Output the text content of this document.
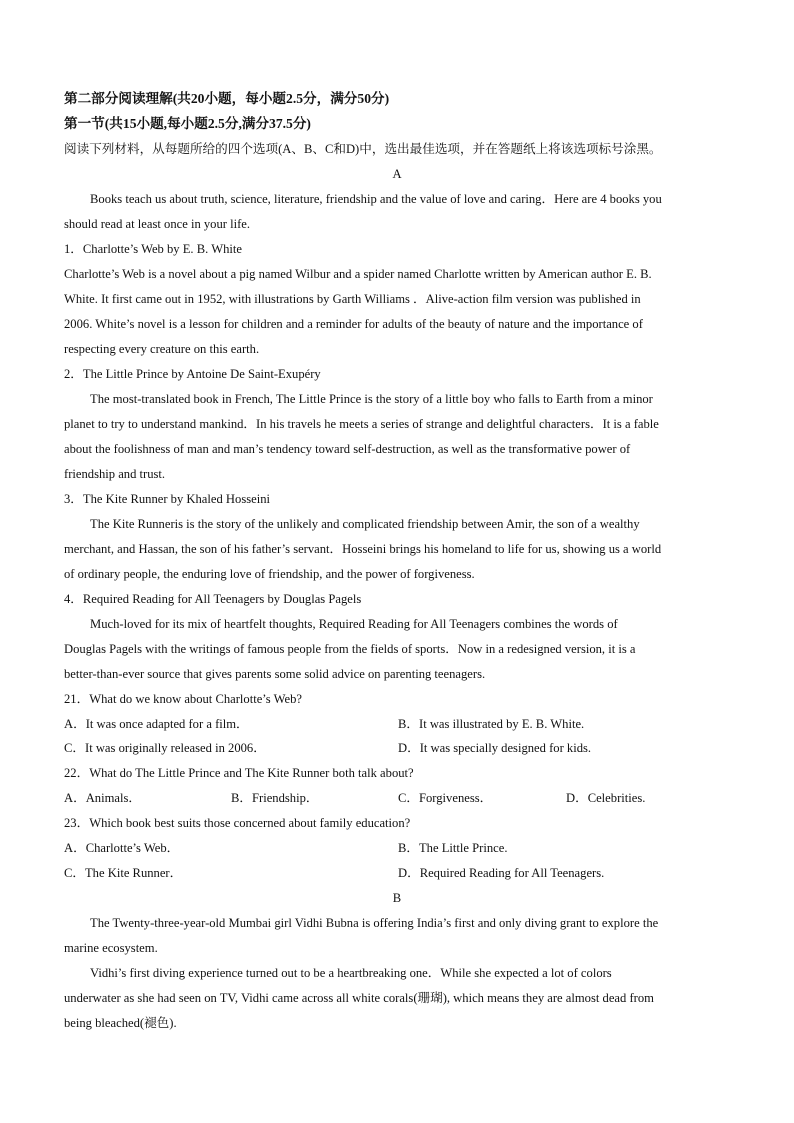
第二部分阅读理解(共20小题，每小题2.5分，满分50分)
第一节(共15小题,每小题2.5分,满分37.5分)
阅读下列材料，从每题所给的四个选项(A、B、C和D)中，选出最佳选项，并在答题纸上将该选项标号涂黑。
A
Books teach us about truth, science, literature, friendship and the value of love and caring．Here are 4 books you
should read at least once in your life.
1．Charlotte’s Web by E. B. White
Charlotte’s Web is a novel about a pig named Wilbur and a spider named Charlotte written by American author E. B.
White. It first came out in 1952, with illustrations by Garth Williams ．Alive-action film version was published in
2006. White’s novel is a lesson for children and a reminder for adults of the beauty of nature and the importance of
respecting every creature on this earth.
2．The Little Prince by Antoine De Saint-Exupéry
The most-translated book in French, The Little Prince is the story of a little boy who falls to Earth from a minor
planet to try to understand mankind．In his travels he meets a series of strange and delightful characters．It is a fable
about the foolishness of man and man’s tendency toward self-destruction, as well as the transformative power of
friendship and trust.
3．The Kite Runner by Khaled Hosseini
The Kite Runneris is the story of the unlikely and complicated friendship between Amir, the son of a wealthy
merchant, and Hassan, the son of his father’s servant．Hosseini brings his homeland to life for us, showing us a world
of ordinary people, the enduring love of friendship, and the power of forgiveness.
4．Required Reading for All Teenagers by Douglas Pagels
Much-loved for its mix of heartfelt thoughts, Required Reading for All Teenagers combines the words of
Douglas Pagels with the writings of famous people from the fields of sports．Now in a redesigned version, it is a
better-than-ever source that gives parents some solid advice on parenting teenagers.
21．What do we know about Charlotte’s Web?
A．It was once adapted for a film．	B．It was illustrated by E. B. White.
C．It was originally released in 2006．	D．It was specially designed for kids.
22．What do The Little Prince and The Kite Runner both talk about?
A．Animals．	B．Friendship．	C．Forgiveness．	D．Celebrities.
23．Which book best suits those concerned about family education?
A．Charlotte’s Web．	B．The Little Prince.
C．The Kite Runner．	D．Required Reading for All Teenagers.
B
The Twenty-three-year-old Mumbai girl Vidhi Bubna is offering India’s first and only diving grant to explore the
marine ecosystem.
Vidhi’s first diving experience turned out to be a heartbreaking one．While she expected a lot of colors
underwater as she had seen on TV, Vidhi came across all white corals(珊瑚), which means they are almost dead from
being bleached(褪色).
